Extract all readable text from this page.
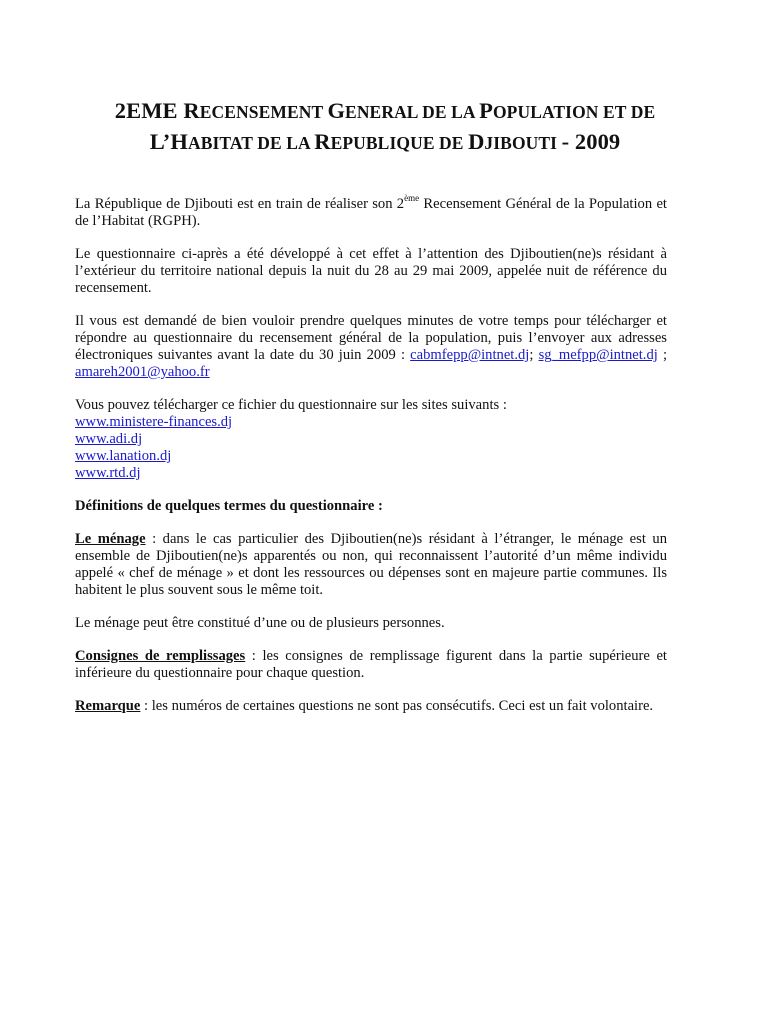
2EME RECENSEMENT GENERAL DE LA POPULATION ET DE
L’HABITAT DE LA REPUBLIQUE DE DJIBOUTI - 2009

La République de Djibouti est en train de réaliser son 2ème Recensement Général de la Population et de l’Habitat (RGPH).

Le questionnaire ci-après a été développé à cet effet à l’attention des Djiboutien(ne)s résidant à l’extérieur du territoire national depuis la nuit du 28 au 29 mai 2009, appelée nuit de référence du recensement.

Il vous est demandé de bien vouloir prendre quelques minutes de votre temps pour télécharger et répondre au questionnaire du recensement général de la population, puis l’envoyer aux adresses électroniques suivantes avant la date du 30 juin 2009 : cabmfepp@intnet.dj; sg_mefpp@intnet.dj ; amareh2001@yahoo.fr

Vous pouvez télécharger ce fichier du questionnaire sur les sites suivants :
www.ministere-finances.dj
www.adi.dj
www.lanation.dj
www.rtd.dj

Définitions de quelques termes du questionnaire :

Le ménage : dans le cas particulier des Djiboutien(ne)s résidant à l’étranger, le ménage est un ensemble de Djiboutien(ne)s apparentés ou non, qui reconnaissent l’autorité d’un même individu appelé « chef de ménage » et dont les ressources ou dépenses sont en majeure partie communes. Ils habitent le plus souvent sous le même toit.

Le ménage peut être constitué d’une ou de plusieurs personnes.

Consignes de remplissages : les consignes de remplissage figurent dans la partie supérieure et inférieure du questionnaire pour chaque question.

Remarque : les numéros de certaines questions ne sont pas consécutifs. Ceci est un fait volontaire.
